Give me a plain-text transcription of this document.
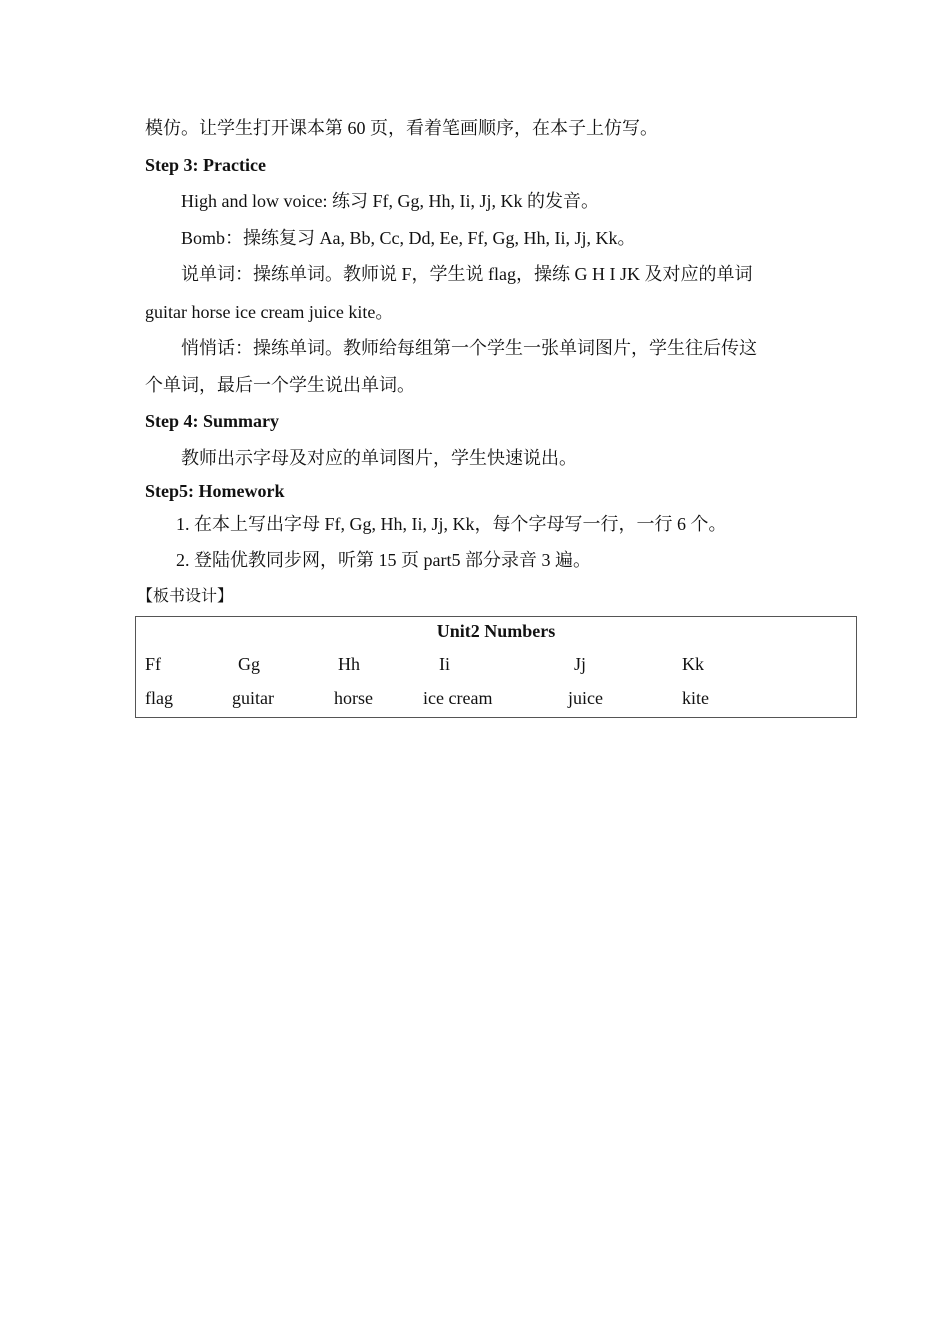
模仿。让学生打开课本第 60 页，看着笔画顺序，在本子上仿写。
Step 3: Practice
High and low voice: 练习 Ff, Gg, Hh, Ii, Jj, Kk 的发音。
Bomb：操练复习 Aa, Bb, Cc, Dd, Ee, Ff, Gg, Hh, Ii, Jj, Kk。
说单词：操练单词。教师说 F，学生说 flag，操练 G H I JK 及对应的单词
guitar horse ice cream juice kite。
悄悄话：操练单词。教师给每组第一个学生一张单词图片，学生往后传这
个单词，最后一个学生说出单词。
Step 4: Summary
教师出示字母及对应的单词图片，学生快速说出。
Step5: Homework
1. 在本上写出字母 Ff, Gg, Hh, Ii, Jj, Kk，每个字母写一行，一行 6 个。
2. 登陆优教同步网，听第 15 页 part5 部分录音 3 遍。
【板书设计】
Unit2 Numbers
Ff	Gg	Hh	Ii	Jj	Kk
flag	guitar	horse	ice cream	juice	kite
